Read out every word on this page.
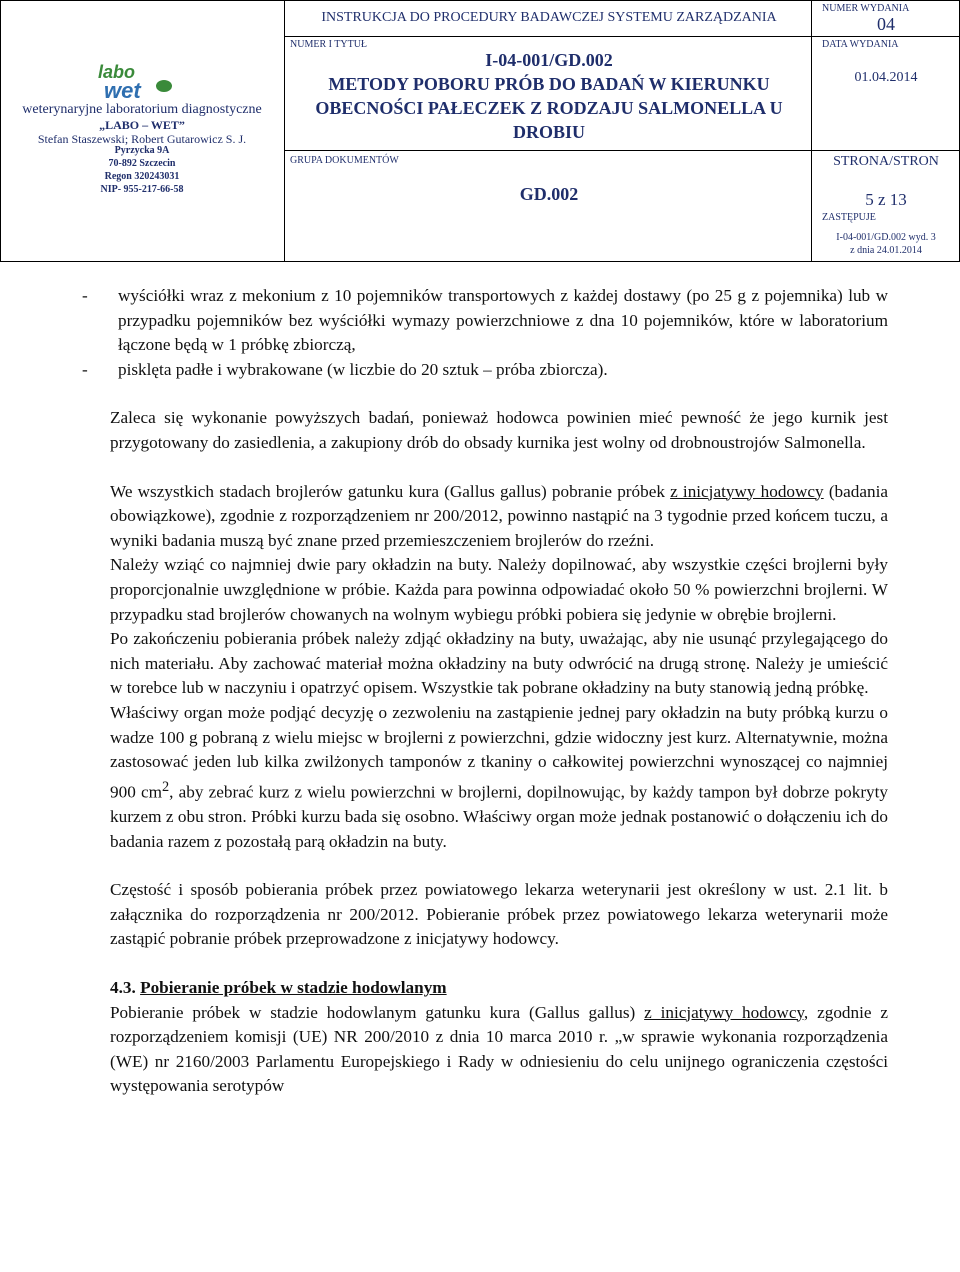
labo
wet
weterynaryjne laboratorium diagnostyczne
„LABO – WET”
Stefan Staszewski; Robert Gutarowicz S. J.
Pyrzycka 9A
70-892 Szczecin
Regon 320243031
NIP- 955-217-66-58
INSTRUKCJA DO PROCEDURY BADAWCZEJ SYSTEMU ZARZĄDZANIA
NUMER I TYTUŁ
I-04-001/GD.002
METODY POBORU PRÓB DO BADAŃ W KIERUNKU OBECNOŚCI PAŁECZEK Z RODZAJU SALMONELLA U DROBIU
GRUPA DOKUMENTÓW
GD.002
NUMER WYDANIA
04
DATA WYDANIA
01.04.2014
STRONA/STRON
5 z 13
ZASTĘPUJE
I-04-001/GD.002 wyd. 3
z dnia 24.01.2014
- wyściółki wraz z mekonium z 10 pojemników transportowych z każdej dostawy (po 25 g z pojemnika) lub w przypadku pojemników bez wyściółki wymazy powierzchniowe z dna 10 pojemników, które w laboratorium łączone będą w 1 próbkę zbiorczą,
- pisklęta padłe i wybrakowane (w liczbie do 20 sztuk – próba zbiorcza).

Zaleca się wykonanie powyższych badań, ponieważ hodowca powinien mieć pewność że jego kurnik jest przygotowany do zasiedlenia, a zakupiony drób do obsady kurnika jest wolny od drobnoustrojów Salmonella.

We wszystkich stadach brojlerów gatunku kura (Gallus gallus) pobranie próbek z inicjatywy hodowcy (badania obowiązkowe), zgodnie z rozporządzeniem nr 200/2012, powinno nastąpić na 3 tygodnie przed końcem tuczu, a wyniki badania muszą być znane przed przemieszczeniem brojlerów do rzeźni.

Należy wziąć co najmniej dwie pary okładzin na buty. Należy dopilnować, aby wszystkie części brojlerni były proporcjonalnie uwzględnione w próbie. Każda para powinna odpowiadać około 50 % powierzchni brojlerni. W przypadku stad brojlerów chowanych na wolnym wybiegu próbki pobiera się jedynie w obrębie brojlerni.

Po zakończeniu pobierania próbek należy zdjąć okładziny na buty, uważając, aby nie usunąć przylegającego do nich materiału. Aby zachować materiał można okładziny na buty odwrócić na drugą stronę. Należy je umieścić w torebce lub w naczyniu i opatrzyć opisem. Wszystkie tak pobrane okładziny na buty stanowią jedną próbkę.

Właściwy organ może podjąć decyzję o zezwoleniu na zastąpienie jednej pary okładzin na buty próbką kurzu o wadze 100 g pobraną z wielu miejsc w brojlerni z powierzchni, gdzie widoczny jest kurz. Alternatywnie, można zastosować jeden lub kilka zwilżonych tamponów z tkaniny o całkowitej powierzchni wynoszącej co najmniej 900 $cm^2$, aby zebrać kurz z wielu powierzchni w brojlerni, dopilnowując, by każdy tampon był dobrze pokryty kurzem z obu stron. Próbki kurzu bada się osobno. Właściwy organ może jednak postanowić o dołączeniu ich do badania razem z pozostałą parą okładzin na buty.

Częstość i sposób pobierania próbek przez powiatowego lekarza weterynarii jest określony w ust. 2.1 lit. b załącznika do rozporządzenia nr 200/2012. Pobieranie próbek przez powiatowego lekarza weterynarii może zastąpić pobranie próbek przeprowadzone z inicjatywy hodowcy.

4.3. Pobieranie próbek w stadzie hodowlanym

Pobieranie próbek w stadzie hodowlanym gatunku kura (Gallus gallus) z inicjatywy hodowcy, zgodnie z rozporządzeniem komisji (UE) NR 200/2010 z dnia 10 marca 2010 r. „w sprawie wykonania rozporządzenia (WE) nr 2160/2003 Parlamentu Europejskiego i Rady w odniesieniu do celu unijnego ograniczenia częstości występowania serotypów
